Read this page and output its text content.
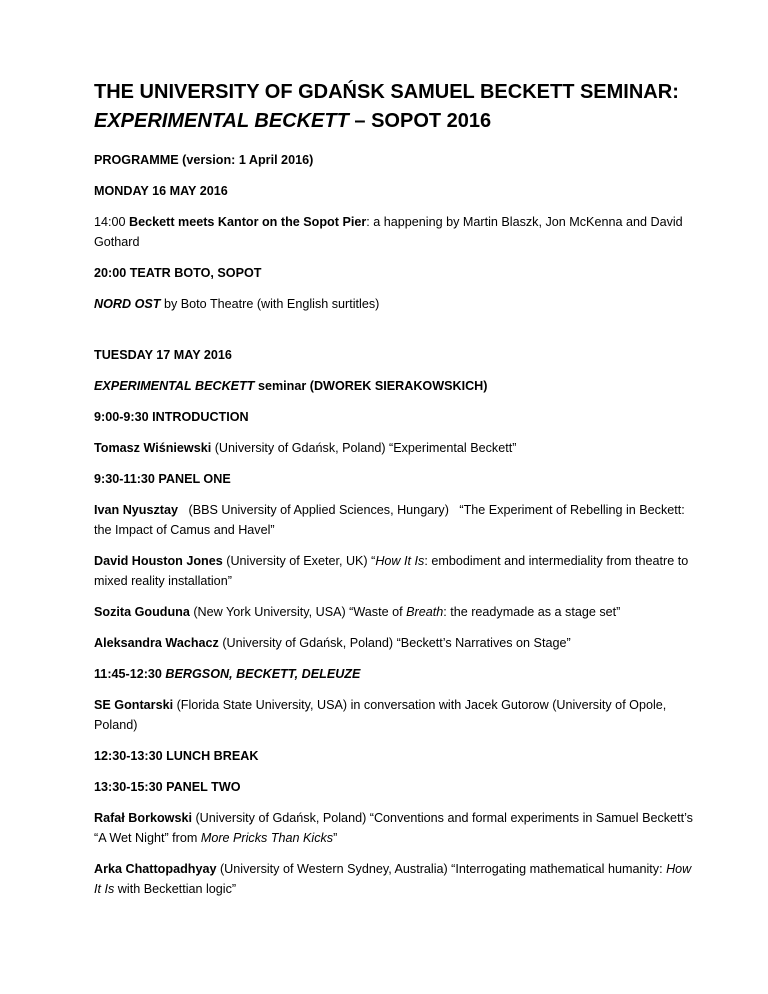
THE UNIVERSITY OF GDAŃSK SAMUEL BECKETT SEMINAR:
EXPERIMENTAL BECKETT – SOPOT 2016

PROGRAMME (version: 1 April 2016)

MONDAY 16 MAY 2016

14:00 Beckett meets Kantor on the Sopot Pier: a happening by Martin Blaszk, Jon McKenna and David Gothard

20:00 TEATR BOTO, SOPOT

NORD OST by Boto Theatre (with English surtitles)

TUESDAY 17 MAY 2016

EXPERIMENTAL BECKETT seminar (DWOREK SIERAKOWSKICH)

9:00-9:30 INTRODUCTION

Tomasz Wiśniewski (University of Gdańsk, Poland) “Experimental Beckett”

9:30-11:30 PANEL ONE

Ivan Nyusztay   (BBS University of Applied Sciences, Hungary)   “The Experiment of Rebelling in Beckett: the Impact of Camus and Havel”

David Houston Jones (University of Exeter, UK) “How It Is: embodiment and intermediality from theatre to mixed reality installation”

Sozita Gouduna (New York University, USA) “Waste of Breath: the readymade as a stage set”

Aleksandra Wachacz (University of Gdańsk, Poland) “Beckett’s Narratives on Stage”

11:45-12:30 BERGSON, BECKETT, DELEUZE

SE Gontarski (Florida State University, USA) in conversation with Jacek Gutorow (University of Opole, Poland)

12:30-13:30 LUNCH BREAK

13:30-15:30 PANEL TWO

Rafał Borkowski (University of Gdańsk, Poland) “Conventions and formal experiments in Samuel Beckett’s “A Wet Night” from More Pricks Than Kicks”

Arka Chattopadhyay (University of Western Sydney, Australia) “Interrogating mathematical humanity: How It Is with Beckettian logic”
